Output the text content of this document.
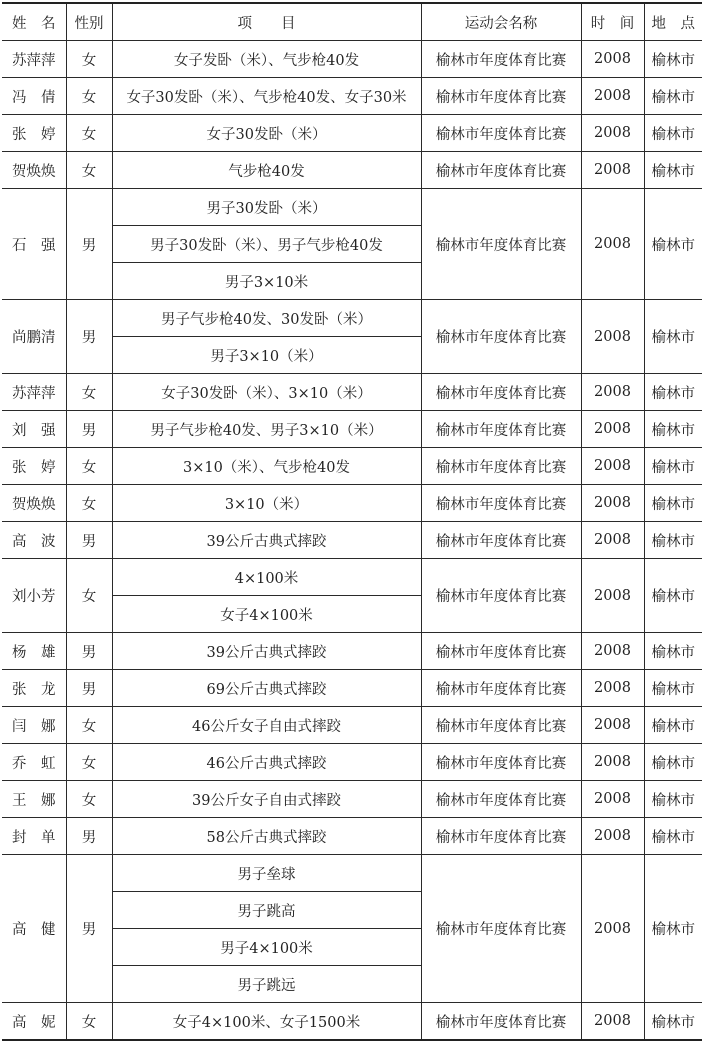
姓　名	性别	项　　目	运动会名称	时　间	地　点
苏萍萍	女	女子发卧（米）、气步枪40发	榆林市年度体育比赛	2008	榆林市
冯　倩	女	女子30发卧（米）、气步枪40发、女子30米	榆林市年度体育比赛	2008	榆林市
张　婷	女	女子30发卧（米）	榆林市年度体育比赛	2008	榆林市
贺焕焕	女	气步枪40发	榆林市年度体育比赛	2008	榆林市
石　强	男	男子30发卧（米）	榆林市年度体育比赛	2008	榆林市
		男子30发卧（米）、男子气步枪40发			
		男子3×10米			
尚鹏清	男	男子气步枪40发、30发卧（米）	榆林市年度体育比赛	2008	榆林市
		男子3×10（米）			
苏萍萍	女	女子30发卧（米）、3×10（米）	榆林市年度体育比赛	2008	榆林市
刘　强	男	男子气步枪40发、男子3×10（米）	榆林市年度体育比赛	2008	榆林市
张　婷	女	3×10（米）、气步枪40发	榆林市年度体育比赛	2008	榆林市
贺焕焕	女	3×10（米）	榆林市年度体育比赛	2008	榆林市
高　波	男	39公斤古典式摔跤	榆林市年度体育比赛	2008	榆林市
刘小芳	女	4×100米	榆林市年度体育比赛	2008	榆林市
		女子4×100米			
杨　雄	男	39公斤古典式摔跤	榆林市年度体育比赛	2008	榆林市
张　龙	男	69公斤古典式摔跤	榆林市年度体育比赛	2008	榆林市
闫　娜	女	46公斤女子自由式摔跤	榆林市年度体育比赛	2008	榆林市
乔　虹	女	46公斤古典式摔跤	榆林市年度体育比赛	2008	榆林市
王　娜	女	39公斤女子自由式摔跤	榆林市年度体育比赛	2008	榆林市
封　单	男	58公斤古典式摔跤	榆林市年度体育比赛	2008	榆林市
高　健	男	男子垒球	榆林市年度体育比赛	2008	榆林市
		男子跳高			
		男子4×100米			
		男子跳远			
高　妮	女	女子4×100米、女子1500米	榆林市年度体育比赛	2008	榆林市
